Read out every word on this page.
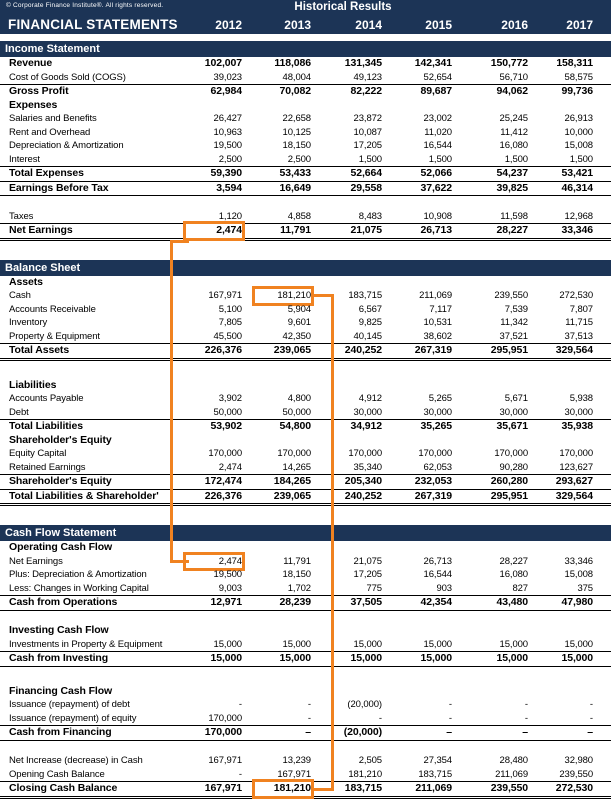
© Corporate Finance Institute®. All rights reserved.	Historical Results
FINANCIAL STATEMENTS	2012	2013	2014	2015	2016	2017
Income Statement
Revenue	102,007	118,086	131,345	142,341	150,772	158,311
Cost of Goods Sold (COGS)	39,023	48,004	49,123	52,654	56,710	58,575
Gross Profit	62,984	70,082	82,222	89,687	94,062	99,736
Expenses
Salaries and Benefits	26,427	22,658	23,872	23,002	25,245	26,913
Rent and Overhead	10,963	10,125	10,087	11,020	11,412	10,000
Depreciation & Amortization	19,500	18,150	17,205	16,544	16,080	15,008
Interest	2,500	2,500	1,500	1,500	1,500	1,500
Total Expenses	59,390	53,433	52,664	52,066	54,237	53,421
Earnings Before Tax	3,594	16,649	29,558	37,622	39,825	46,314
Taxes	1,120	4,858	8,483	10,908	11,598	12,968
Net Earnings	2,474	11,791	21,075	26,713	28,227	33,346
Balance Sheet
Assets
Cash	167,971	181,210	183,715	211,069	239,550	272,530
Accounts Receivable	5,100	5,904	6,567	7,117	7,539	7,807
Inventory	7,805	9,601	9,825	10,531	11,342	11,715
Property & Equipment	45,500	42,350	40,145	38,602	37,521	37,513
Total Assets	226,376	239,065	240,252	267,319	295,951	329,564
Liabilities
Accounts Payable	3,902	4,800	4,912	5,265	5,671	5,938
Debt	50,000	50,000	30,000	30,000	30,000	30,000
Total Liabilities	53,902	54,800	34,912	35,265	35,671	35,938
Shareholder's Equity
Equity Capital	170,000	170,000	170,000	170,000	170,000	170,000
Retained Earnings	2,474	14,265	35,340	62,053	90,280	123,627
Shareholder's Equity	172,474	184,265	205,340	232,053	260,280	293,627
Total Liabilities & Shareholder'	226,376	239,065	240,252	267,319	295,951	329,564
Cash Flow Statement
Operating Cash Flow
Net Earnings	2,474	11,791	21,075	26,713	28,227	33,346
Plus: Depreciation & Amortization	19,500	18,150	17,205	16,544	16,080	15,008
Less: Changes in Working Capital	9,003	1,702	775	903	827	375
Cash from Operations	12,971	28,239	37,505	42,354	43,480	47,980
Investing Cash Flow
Investments in Property & Equipment	15,000	15,000	15,000	15,000	15,000	15,000
Cash from Investing	15,000	15,000	15,000	15,000	15,000	15,000
Financing Cash Flow
Issuance (repayment) of debt	-	-	(20,000)	-	-	-
Issuance (repayment) of equity	170,000	-	-	-	-	-
Cash from Financing	170,000	–	(20,000)	–	–	–
Net Increase (decrease) in Cash	167,971	13,239	2,505	27,354	28,480	32,980
Opening Cash Balance	-	167,971	181,210	183,715	211,069	239,550
Closing Cash Balance	167,971	181,210	183,715	211,069	239,550	272,530
